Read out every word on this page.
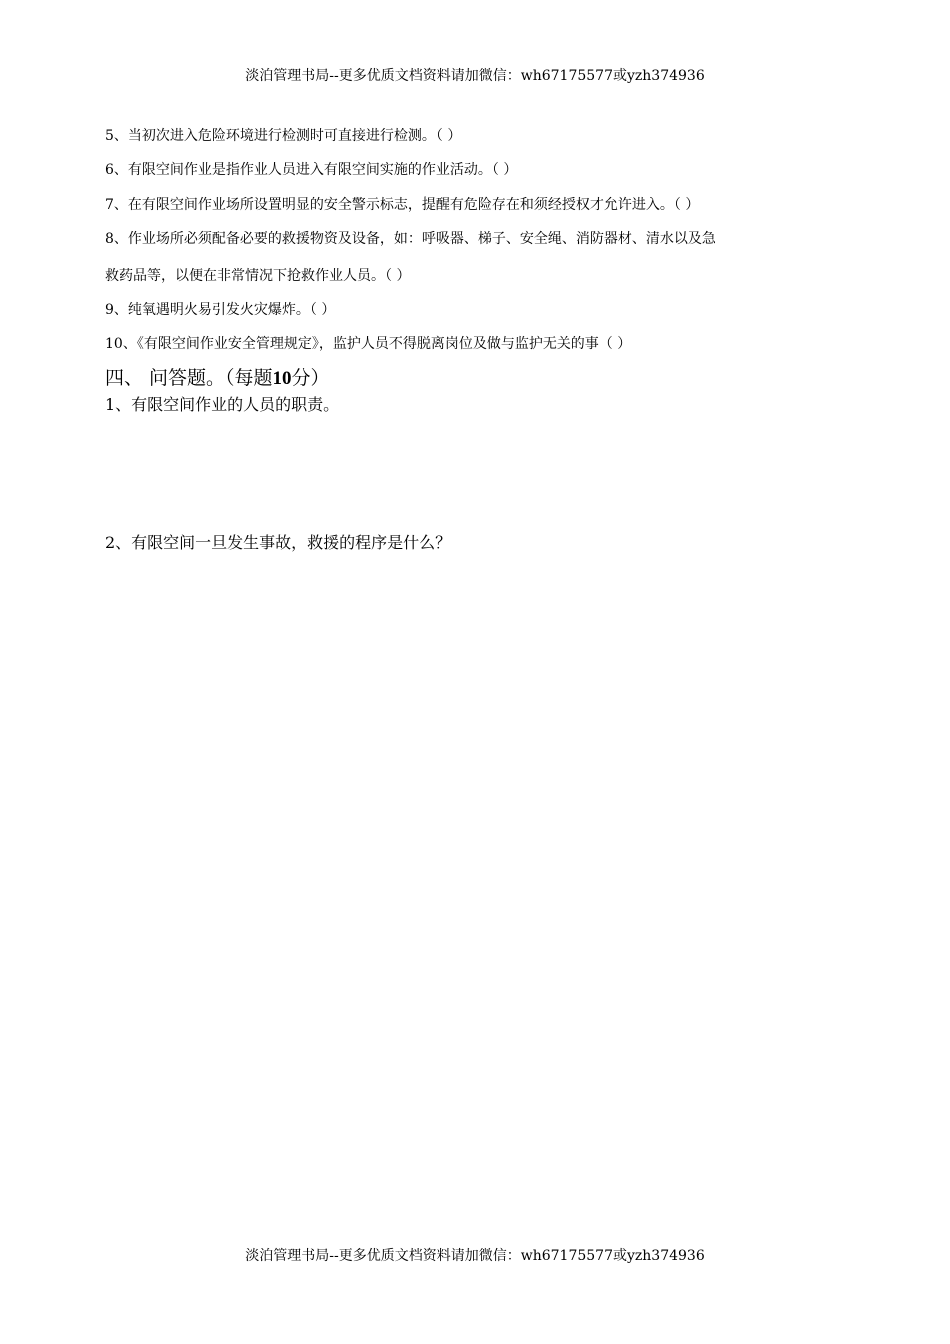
淡泊管理书局--更多优质文档资料请加微信：wh67175577或yzh374936
5、当初次进入危险环境进行检测时可直接进行检测。（ ）
6、有限空间作业是指作业人员进入有限空间实施的作业活动。（ ）
7、在有限空间作业场所设置明显的安全警示标志，提醒有危险存在和须经授权才允许进入。（ ）
8、作业场所必须配备必要的救援物资及设备，如：呼吸器、梯子、安全绳、消防器材、清水以及急
救药品等，以便在非常情况下抢救作业人员。（ ）
9、纯氧遇明火易引发火灾爆炸。（ ）
10、《有限空间作业安全管理规定》，监护人员不得脱离岗位及做与监护无关的事（ ）
四、 问答题。（每题10分）
1、有限空间作业的人员的职责。
2、有限空间一旦发生事故，救援的程序是什么？
淡泊管理书局--更多优质文档资料请加微信：wh67175577或yzh374936
